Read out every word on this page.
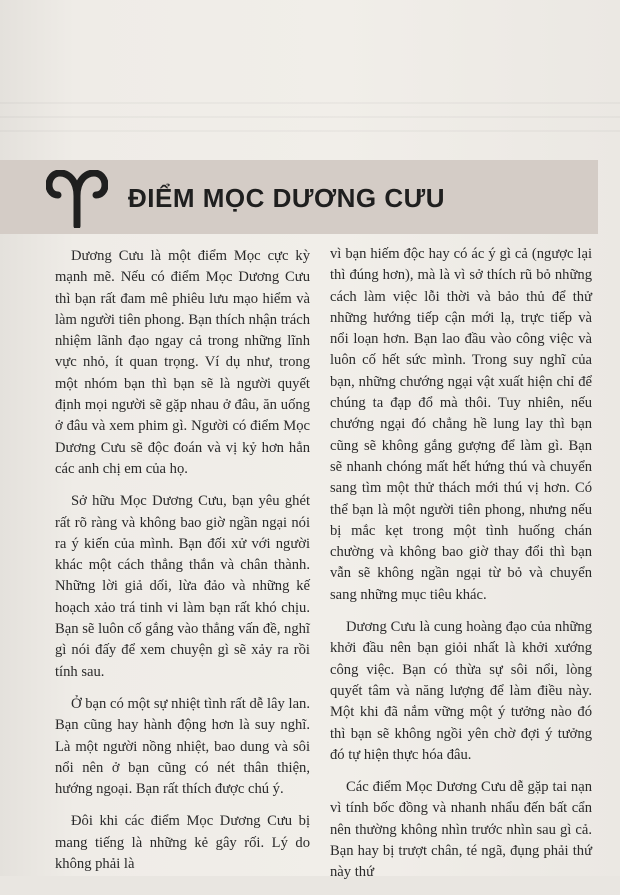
ĐIỂM MỌC DƯƠNG CƯU

Dương Cưu là một điểm Mọc cực kỳ mạnh mẽ. Nếu có điểm Mọc Dương Cưu thì bạn rất đam mê phiêu lưu mạo hiểm và làm người tiên phong. Bạn thích nhận trách nhiệm lãnh đạo ngay cả trong những lĩnh vực nhỏ, ít quan trọng. Ví dụ như, trong một nhóm bạn thì bạn sẽ là người quyết định mọi người sẽ gặp nhau ở đâu, ăn uống ở đâu và xem phim gì. Người có điểm Mọc Dương Cưu sẽ độc đoán và vị kỷ hơn hẳn các anh chị em của họ.

Sở hữu Mọc Dương Cưu, bạn yêu ghét rất rõ ràng và không bao giờ ngần ngại nói ra ý kiến của mình. Bạn đối xử với người khác một cách thẳng thắn và chân thành. Những lời giả dối, lừa đảo và những kế hoạch xảo trá tinh vi làm bạn rất khó chịu. Bạn sẽ luôn cố gắng vào thẳng vấn đề, nghĩ gì nói đấy để xem chuyện gì sẽ xảy ra rồi tính sau.

Ở bạn có một sự nhiệt tình rất dễ lây lan. Bạn cũng hay hành động hơn là suy nghĩ. Là một người nồng nhiệt, bao dung và sôi nổi nên ở bạn cũng có nét thân thiện, hướng ngoại. Bạn rất thích được chú ý.

Đôi khi các điểm Mọc Dương Cưu bị mang tiếng là những kẻ gây rối. Lý do không phải là

vì bạn hiếm độc hay có ác ý gì cả (ngược lại thì đúng hơn), mà là vì sở thích rũ bỏ những cách làm việc lỗi thời và bảo thủ để thử những hướng tiếp cận mới lạ, trực tiếp và nổi loạn hơn. Bạn lao đầu vào công việc và luôn cố hết sức mình. Trong suy nghĩ của bạn, những chướng ngại vật xuất hiện chỉ để chúng ta đạp đổ mà thôi. Tuy nhiên, nếu chướng ngại đó chẳng hề lung lay thì bạn cũng sẽ không gắng gượng để làm gì. Bạn sẽ nhanh chóng mất hết hứng thú và chuyển sang tìm một thử thách mới thú vị hơn. Có thể bạn là một người tiên phong, nhưng nếu bị mắc kẹt trong một tình huống chán chường và không bao giờ thay đổi thì bạn vẫn sẽ không ngần ngại từ bỏ và chuyển sang những mục tiêu khác.

Dương Cưu là cung hoàng đạo của những khởi đầu nên bạn giỏi nhất là khởi xướng công việc. Bạn có thừa sự sôi nổi, lòng quyết tâm và năng lượng để làm điều này. Một khi đã nắm vững một ý tưởng nào đó thì bạn sẽ không ngồi yên chờ đợi ý tưởng đó tự hiện thực hóa đâu.

Các điểm Mọc Dương Cưu dễ gặp tai nạn vì tính bốc đồng và nhanh nhẩu đến bất cẩn nên thường không nhìn trước nhìn sau gì cả. Bạn hay bị trượt chân, té ngã, đụng phải thứ này thứ
